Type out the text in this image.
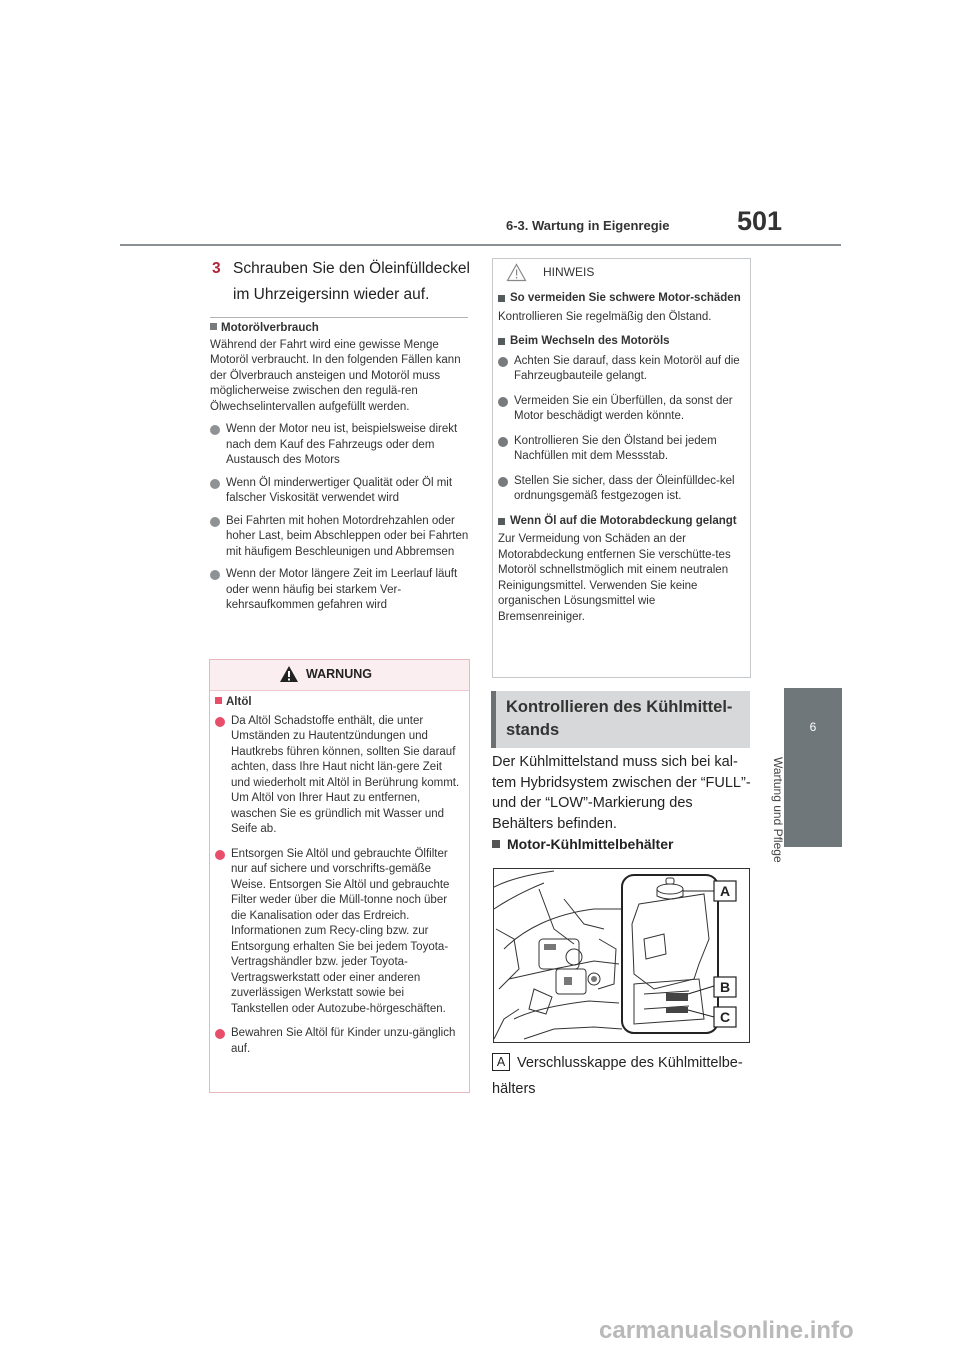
6-3. Wartung in Eigenregie	501
6
Wartung und Pflege
3 Schrauben Sie den Öleinfülldeckel im Uhrzeigersinn wieder auf.
Motorölverbrauch
Während der Fahrt wird eine gewisse Menge Motoröl verbraucht. In den folgenden Fällen kann der Ölverbrauch ansteigen und Motoröl muss möglicherweise zwischen den regulä-ren Ölwechselintervallen aufgefüllt werden.
Wenn der Motor neu ist, beispielsweise direkt nach dem Kauf des Fahrzeugs oder dem Austausch des Motors
Wenn Öl minderwertiger Qualität oder Öl mit falscher Viskosität verwendet wird
Bei Fahrten mit hohen Motordrehzahlen oder hoher Last, beim Abschleppen oder bei Fahrten mit häufigem Beschleunigen und Abbremsen
Wenn der Motor längere Zeit im Leerlauf läuft oder wenn häufig bei starkem Ver-kehrsaufkommen gefahren wird
WARNUNG
Altöl
Da Altöl Schadstoffe enthält, die unter Umständen zu Hautentzündungen und Hautkrebs führen können, sollten Sie darauf achten, dass Ihre Haut nicht län-gere Zeit und wiederholt mit Altöl in Berührung kommt. Um Altöl von Ihrer Haut zu entfernen, waschen Sie es gründlich mit Wasser und Seife ab.
Entsorgen Sie Altöl und gebrauchte Ölfilter nur auf sichere und vorschrifts-gemäße Weise. Entsorgen Sie Altöl und gebrauchte Filter weder über die Müll-tonne noch über die Kanalisation oder das Erdreich. Informationen zum Recy-cling bzw. zur Entsorgung erhalten Sie bei jedem Toyota-Vertragshändler bzw. jeder Toyota-Vertragswerkstatt oder einer anderen zuverlässigen Werkstatt sowie bei Tankstellen oder Autozube-hörgeschäften.
Bewahren Sie Altöl für Kinder unzu-gänglich auf.
HINWEIS
So vermeiden Sie schwere Motor-schäden
Kontrollieren Sie regelmäßig den Ölstand.
Beim Wechseln des Motoröls
Achten Sie darauf, dass kein Motoröl auf die Fahrzeugbauteile gelangt.
Vermeiden Sie ein Überfüllen, da sonst der Motor beschädigt werden könnte.
Kontrollieren Sie den Ölstand bei jedem Nachfüllen mit dem Messstab.
Stellen Sie sicher, dass der Öleinfülldec-kel ordnungsgemäß festgezogen ist.
Wenn Öl auf die Motorabdeckung gelangt
Zur Vermeidung von Schäden an der Motorabdeckung entfernen Sie verschütte-tes Motoröl schnellstmöglich mit einem neutralen Reinigungsmittel. Verwenden Sie keine organischen Lösungsmittel wie Bremsenreiniger.
Kontrollieren des Kühlmittel-stands
Der Kühlmittelstand muss sich bei kal-tem Hybridsystem zwischen der “FULL”- und der “LOW”-Markierung des Behälters befinden.
Motor-Kühlmittelbehälter
A
B
C
A Verschlusskappe des Kühlmittelbe-hälters
carmanualsonline.info
